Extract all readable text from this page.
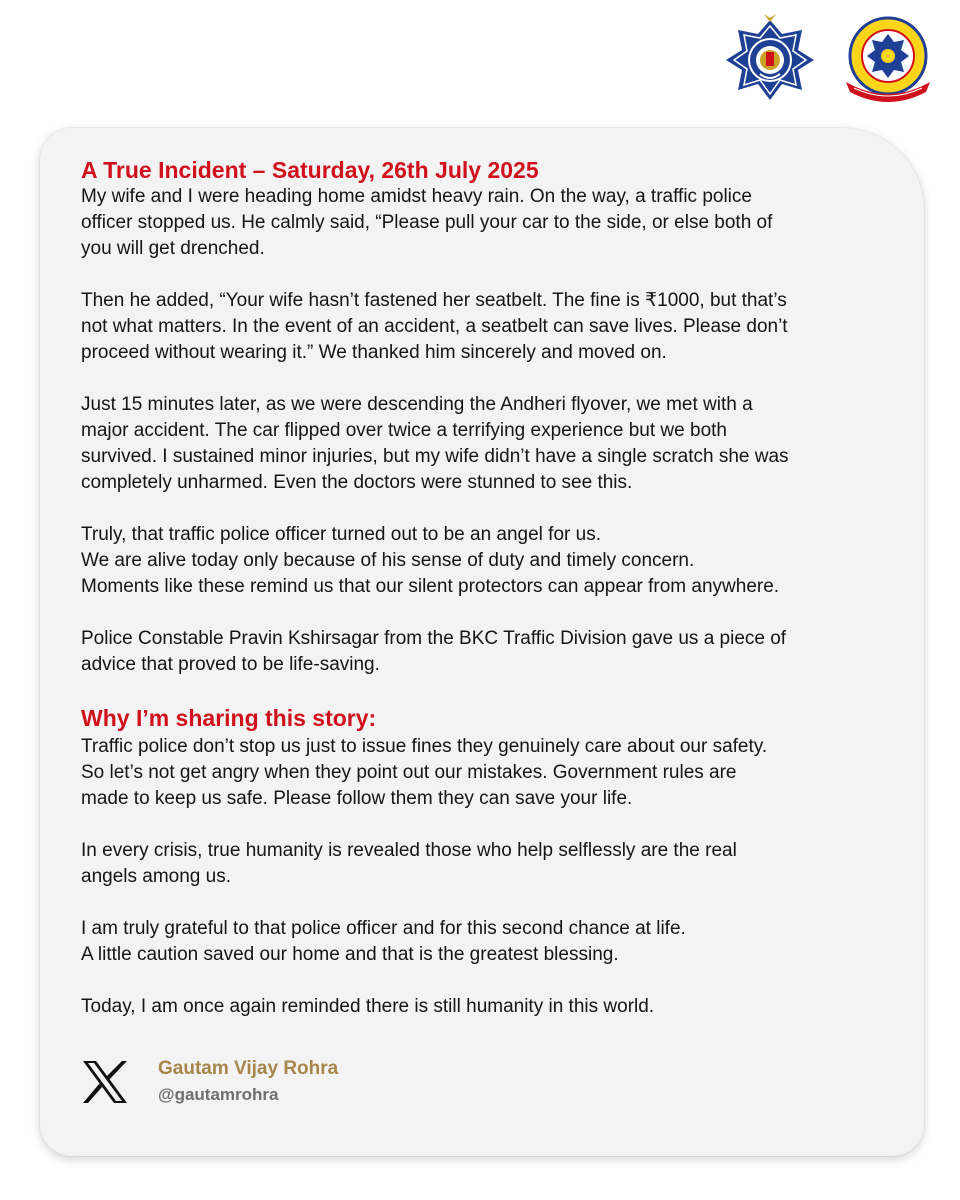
A True Incident – Saturday, 26th July 2025

My wife and I were heading home amidst heavy rain. On the way, a traffic police
officer stopped us. He calmly said, “Please pull your car to the side, or else both of
you will get drenched.

Then he added, “Your wife hasn’t fastened her seatbelt. The fine is ₹1000, but that’s
not what matters. In the event of an accident, a seatbelt can save lives. Please don’t
proceed without wearing it.” We thanked him sincerely and moved on.

Just 15 minutes later, as we were descending the Andheri flyover, we met with a
major accident. The car flipped over twice a terrifying experience but we both
survived. I sustained minor injuries, but my wife didn’t have a single scratch she was
completely unharmed. Even the doctors were stunned to see this.

Truly, that traffic police officer turned out to be an angel for us.
We are alive today only because of his sense of duty and timely concern.
Moments like these remind us that our silent protectors can appear from anywhere.

Police Constable Pravin Kshirsagar from the BKC Traffic Division gave us a piece of
advice that proved to be life-saving.

Why I’m sharing this story:

Traffic police don’t stop us just to issue fines they genuinely care about our safety.
So let’s not get angry when they point out our mistakes. Government rules are
made to keep us safe. Please follow them they can save your life.

In every crisis, true humanity is revealed those who help selflessly are the real
angels among us.

I am truly grateful to that police officer and for this second chance at life.
A little caution saved our home and that is the greatest blessing.

Today, I am once again reminded there is still humanity in this world.

Gautam Vijay Rohra
@gautamrohra
